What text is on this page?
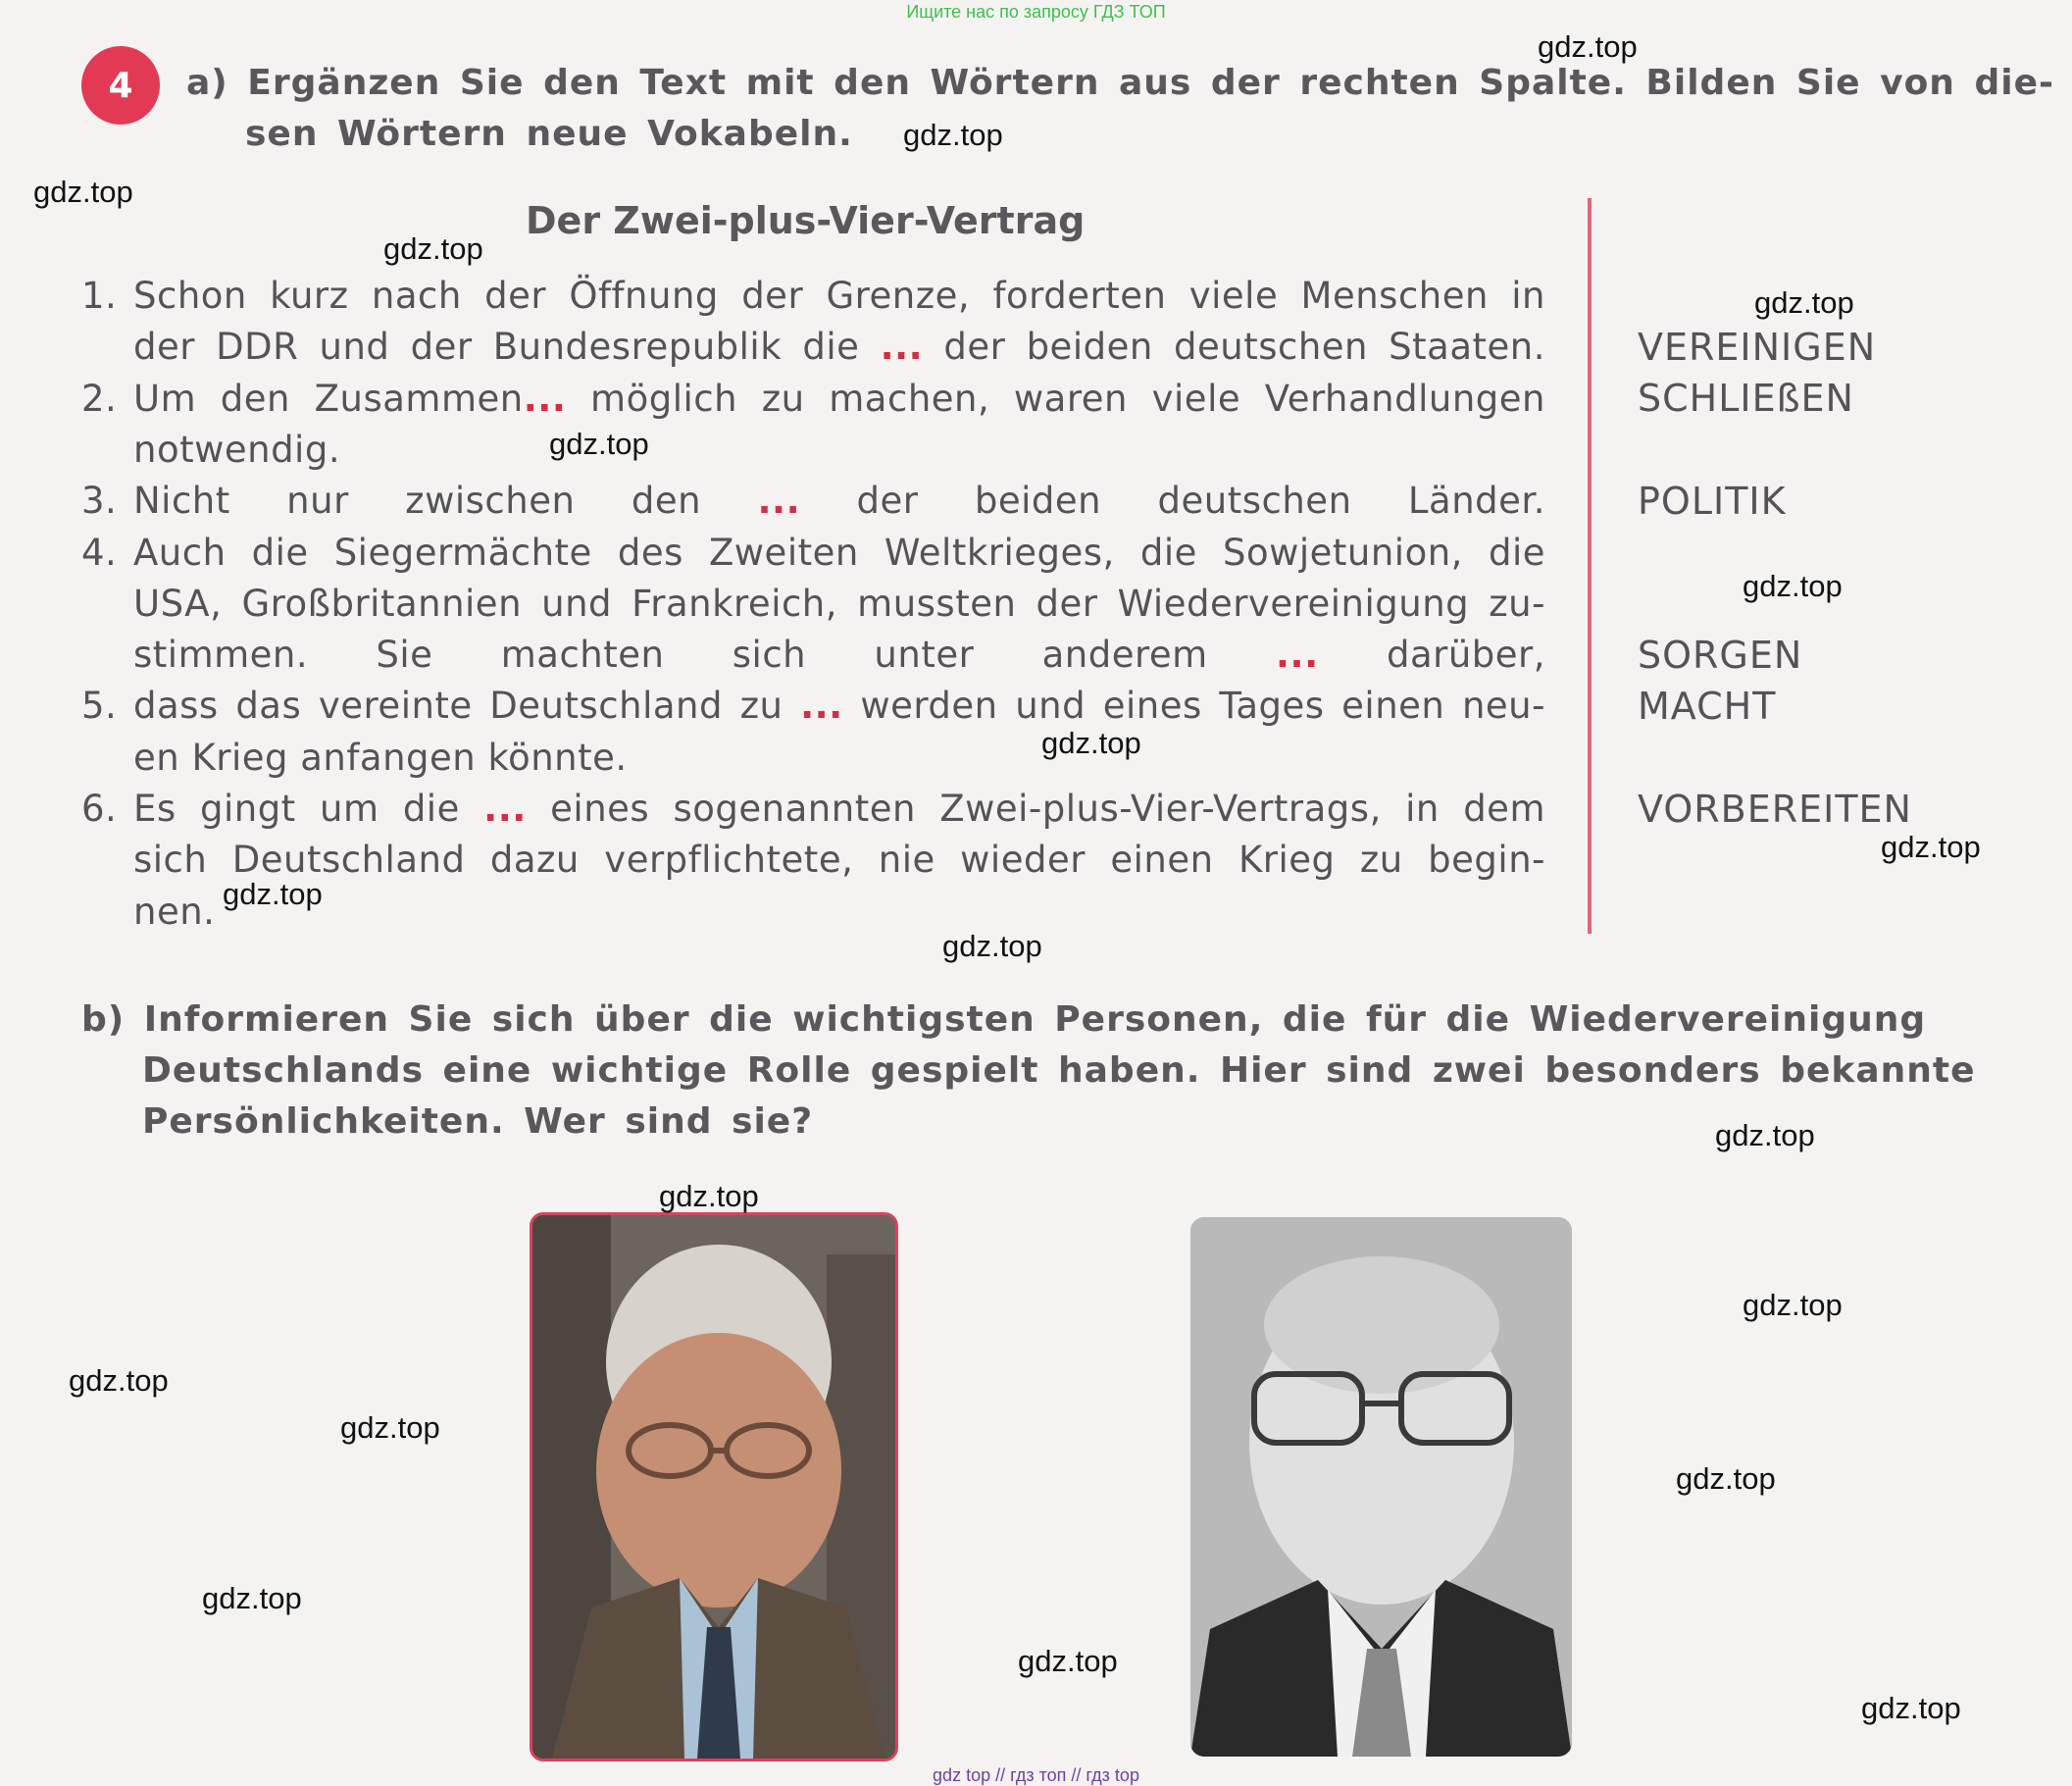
Ищите нас по запросу ГДЗ ТОП
4	a) Ergänzen Sie den Text mit den Wörtern aus der rechten Spalte. Bilden Sie von die-
sen Wörtern neue Vokabeln.
Der Zwei-plus-Vier-Vertrag
1. Schon kurz nach der Öffnung der Grenze, forderten viele Menschen in
der DDR und der Bundesrepublik die ... der beiden deutschen Staaten.
2. Um den Zusammen... möglich zu machen, waren viele Verhandlungen
notwendig.
3. Nicht nur zwischen den ... der beiden deutschen Länder.
4. Auch die Siegermächte des Zweiten Weltkrieges, die Sowjetunion, die
USA, Großbritannien und Frankreich, mussten der Wiedervereinigung zu-
stimmen. Sie machten sich unter anderem ... darüber,
5. dass das vereinte Deutschland zu ... werden und eines Tages einen neu-
en Krieg anfangen könnte.
6. Es gingt um die ... eines sogenannten Zwei-plus-Vier-Vertrags, in dem
sich Deutschland dazu verpflichtete, nie wieder einen Krieg zu begin-
nen.
VEREINIGEN
SCHLIEßEN
POLITIK
SORGEN
MACHT
VORBEREITEN
b) Informieren Sie sich über die wichtigsten Personen, die für die Wiedervereinigung
Deutschlands eine wichtige Rolle gespielt haben. Hier sind zwei besonders bekannte
Persönlichkeiten. Wer sind sie?
gdz.top
gdz.top
gdz.top
gdz.top
gdz.top
gdz.top
gdz.top
gdz.top
gdz.top
gdz.top
gdz.top
gdz.top
gdz.top
gdz.top
gdz.top
gdz.top
gdz.top
gdz.top
gdz.top
gdz.top
gdz top // гдз топ // гдз top
